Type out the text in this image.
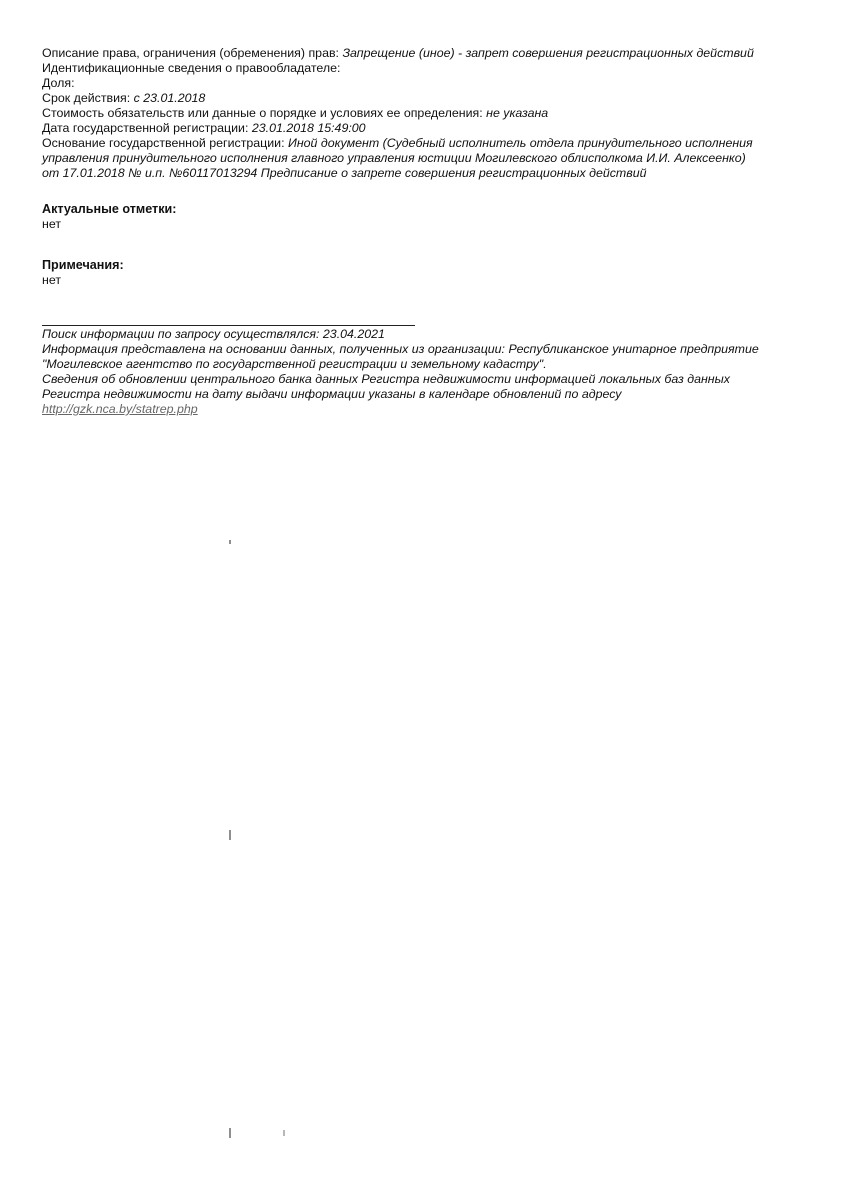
Описание права, ограничения (обременения) прав: Запрещение (иное) - запрет совершения регистрационных действий
Идентификационные сведения о правообладателе:
Доля:
Срок действия: с 23.01.2018
Стоимость обязательств или данные о порядке и условиях ее определения: не указана
Дата государственной регистрации: 23.01.2018 15:49:00
Основание государственной регистрации: Иной документ (Судебный исполнитель отдела принудительного исполнения
управления принудительного исполнения главного управления юстиции Могилевского облисполкома И.И. Алексеенко)
от 17.01.2018 № и.п. №60117013294 Предписание о запрете совершения регистрационных действий
Актуальные отметки:
нет
Примечания:
нет
Поиск информации по запросу осуществлялся: 23.04.2021
Информация представлена на основании данных, полученных из организации: Республиканское унитарное предприятие
"Могилевское агентство по государственной регистрации и земельному кадастру".
Сведения об обновлении центрального банка данных Регистра недвижимости информацией локальных баз данных
Регистра недвижимости на дату выдачи информации указаны в календаре обновлений по адресу
http://gzk.nca.by/statrep.php
